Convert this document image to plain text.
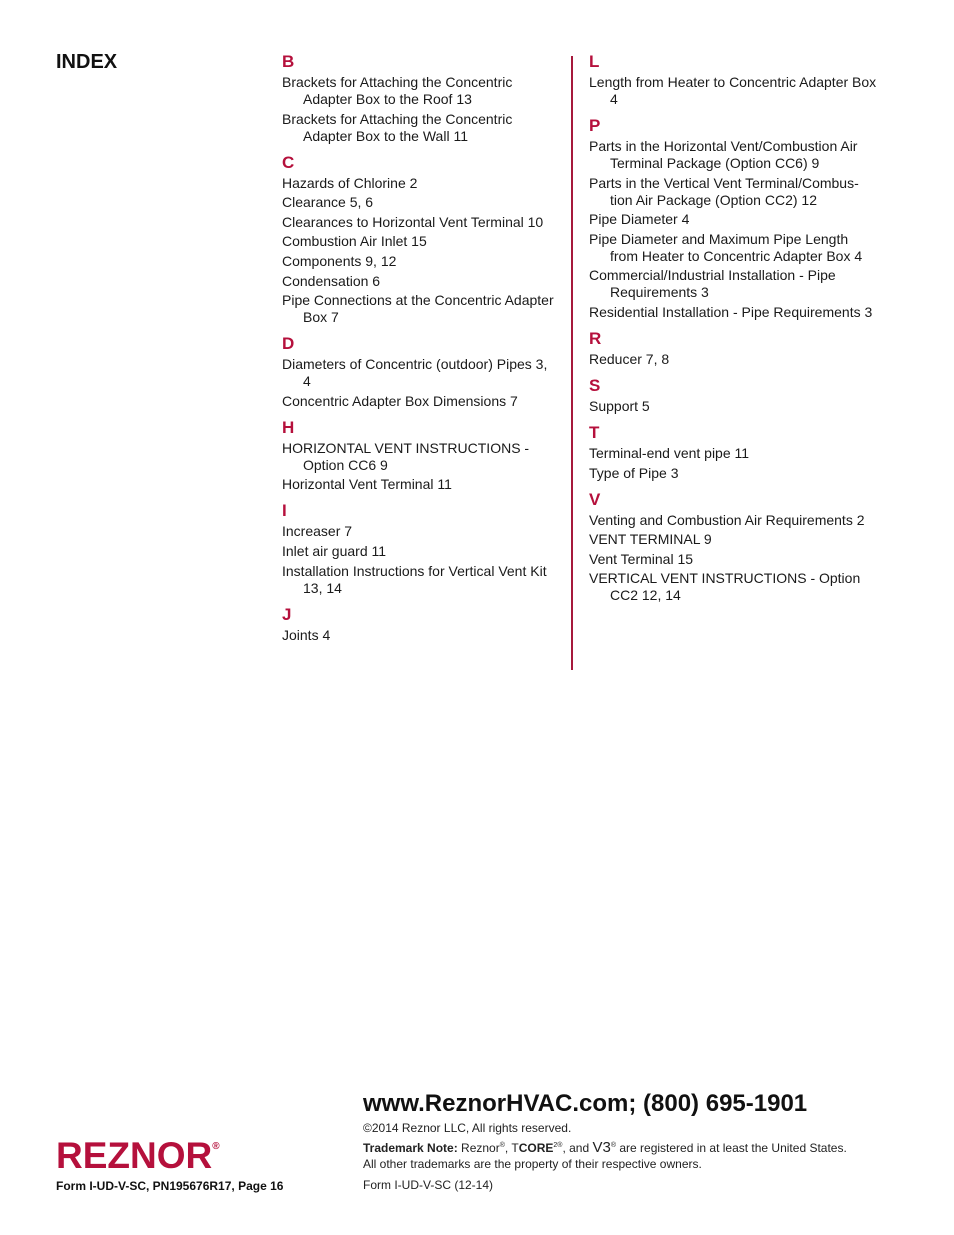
INDEX	B
Brackets for Attaching the Concentric Adapter Box to the Roof 13
Brackets for Attaching the Concentric Adapter Box to the Wall 11
C
Hazards of Chlorine 2
Clearance 5, 6
Clearances to Horizontal Vent Terminal 10
Combustion Air Inlet 15
Components 9, 12
Condensation 6
Pipe Connections at the Concentric Adapter Box 7
D
Diameters of Concentric (outdoor) Pipes 3, 4
Concentric Adapter Box Dimensions 7
H
HORIZONTAL VENT INSTRUCTIONS - Option CC6 9
Horizontal Vent Terminal 11
I
Increaser 7
Inlet air guard 11
Installation Instructions for Vertical Vent Kit 13, 14
J
Joints 4
L
Length from Heater to Concentric Adapter Box 4
P
Parts in the Horizontal Vent/Combustion Air Terminal Package (Option CC6) 9
Parts in the Vertical Vent Terminal/Combus-tion Air Package (Option CC2) 12
Pipe Diameter 4
Pipe Diameter and Maximum Pipe Length from Heater to Concentric Adapter Box 4
Commercial/Industrial Installation - Pipe Requirements 3
Residential Installation - Pipe Requirements 3
R
Reducer 7, 8
S
Support 5
T
Terminal-end vent pipe 11
Type of Pipe 3
V
Venting and Combustion Air Requirements 2
VENT TERMINAL 9
Vent Terminal 15
VERTICAL VENT INSTRUCTIONS - Option CC2 12, 14
www.ReznorHVAC.com; (800) 695-1901
©2014 Reznor LLC, All rights reserved.
Trademark Note: Reznor®, $TCORE^{2®}$, and V3® are registered in at least the United States.
All other trademarks are the property of their respective owners.
Form I-UD-V-SC (12-14)
REZNOR®
Form I-UD-V-SC, PN195676R17, Page 16
